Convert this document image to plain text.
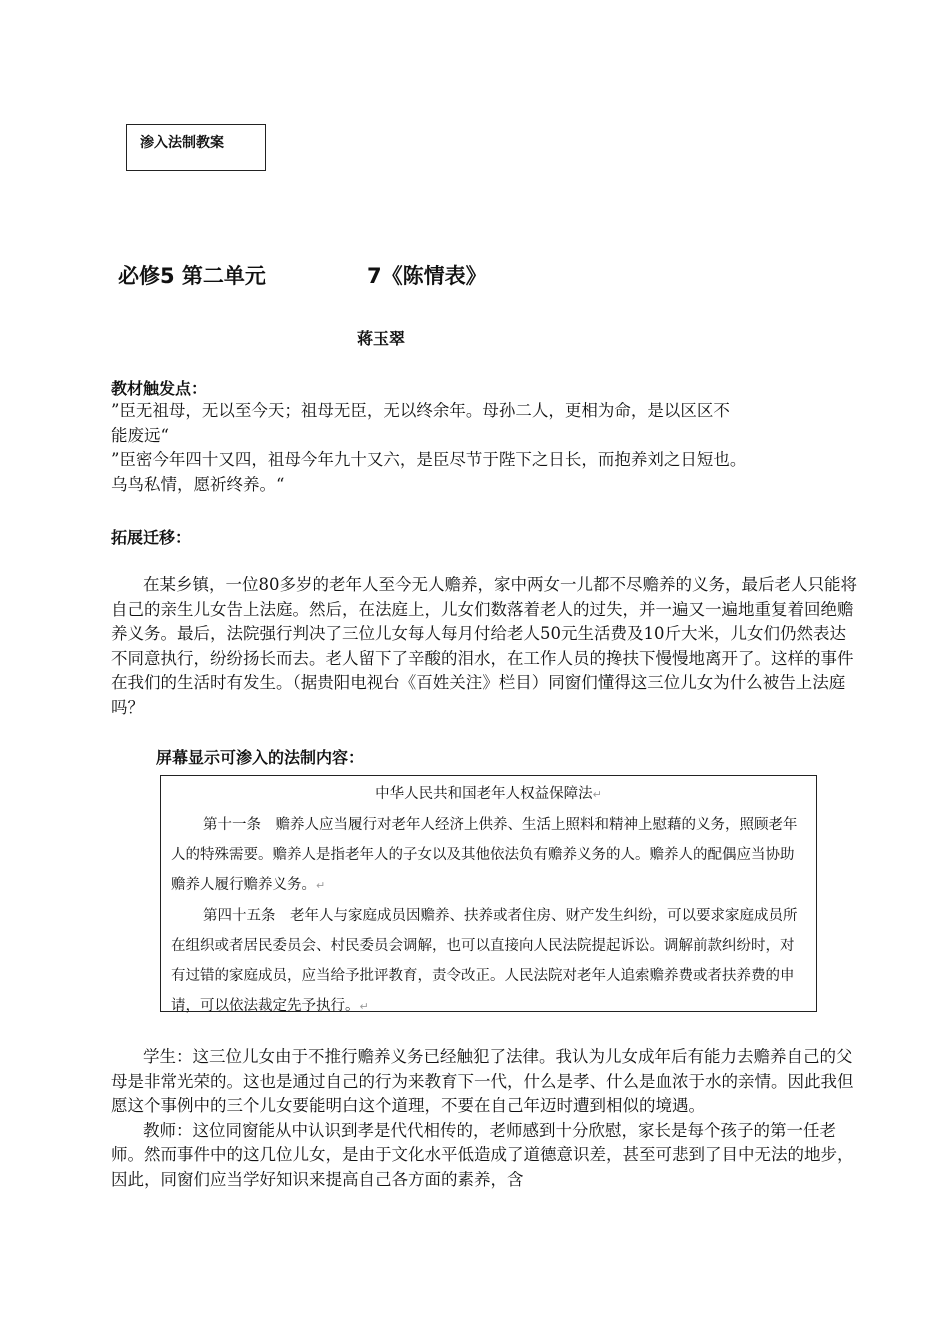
渗入法制教案
必修5 第二单元	7《陈情表》
蒋玉翠
教材触发点：

”臣无祖母，无以至今天；祖母无臣，无以终余年。母孙二人，更相为命，是以区区不

能废远“

”臣密今年四十又四，祖母今年九十又六，是臣尽节于陛下之日长，而抱养刘之日短也。

乌鸟私情，愿祈终养。“

拓展迁移：

在某乡镇，一位80多岁的老年人至今无人赡养，家中两女一儿都不尽赡养的义务，最后老人只能将自己的亲生儿女告上法庭。然后，在法庭上，儿女们数落着老人的过失，并一遍又一遍地重复着回绝赡养义务。最后，法院强行判决了三位儿女每人每月付给老人50元生活费及10斤大米，儿女们仍然表达不同意执行，纷纷扬长而去。老人留下了辛酸的泪水，在工作人员的搀扶下慢慢地离开了。这样的事件在我们的生活时有发生。（据贵阳电视台《百姓关注》栏目）同窗们懂得这三位儿女为什么被告上法庭吗？

屏幕显示可渗入的法制内容：
中华人民共和国老年人权益保障法↵
第十一条　赡养人应当履行对老年人经济上供养、生活上照料和精神上慰藉的义务，照顾老年人的特殊需要。赡养人是指老年人的子女以及其他依法负有赡养义务的人。赡养人的配偶应当协助赡养人履行赡养义务。↵
第四十五条　老年人与家庭成员因赡养、扶养或者住房、财产发生纠纷，可以要求家庭成员所在组织或者居民委员会、村民委员会调解，也可以直接向人民法院提起诉讼。调解前款纠纷时，对有过错的家庭成员，应当给予批评教育，责令改正。人民法院对老年人追索赡养费或者扶养费的申请，可以依法裁定先予执行。↵

学生：这三位儿女由于不推行赡养义务已经触犯了法律。我认为儿女成年后有能力去赡养自己的父母是非常光荣的。这也是通过自己的行为来教育下一代，什么是孝、什么是血浓于水的亲情。因此我但愿这个事例中的三个儿女要能明白这个道理，不要在自己年迈时遭到相似的境遇。

教师：这位同窗能从中认识到孝是代代相传的，老师感到十分欣慰，家长是每个孩子的第一任老师。然而事件中的这几位儿女，是由于文化水平低造成了道德意识差，甚至可悲到了目中无法的地步，因此，同窗们应当学好知识来提高自己各方面的素养，含
